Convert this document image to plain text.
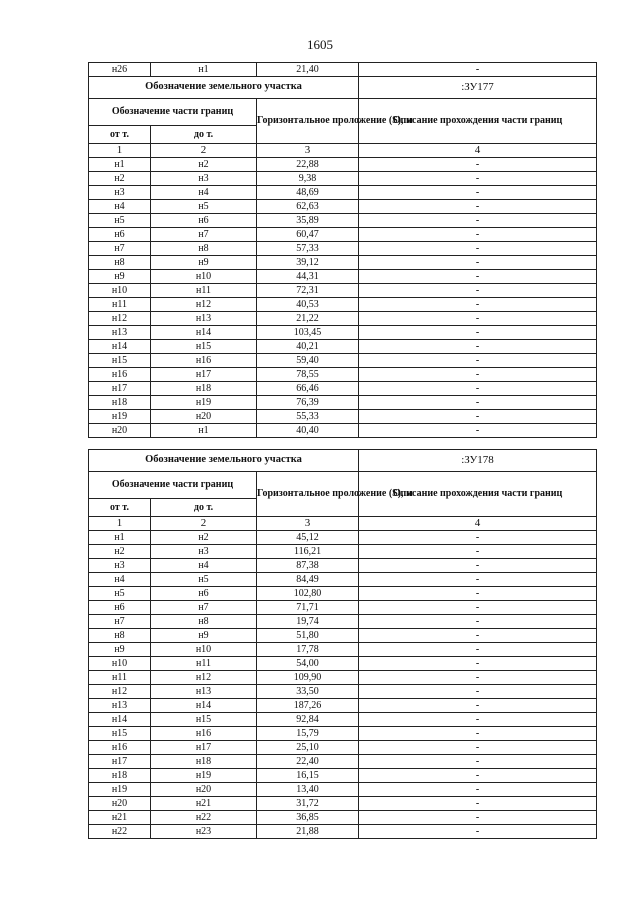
1605
н26	н1	21,40	-
Обозначение земельного участка			:ЗУ177
Обозначение части границ		Горизонтальное проложение (S), м	Описание прохождения части границ
от т.	до т.		
1	2	3	4
н1	н2	22,88	-
н2	н3	9,38	-
н3	н4	48,69	-
н4	н5	62,63	-
н5	н6	35,89	-
н6	н7	60,47	-
н7	н8	57,33	-
н8	н9	39,12	-
н9	н10	44,31	-
н10	н11	72,31	-
н11	н12	40,53	-
н12	н13	21,22	-
н13	н14	103,45	-
н14	н15	40,21	-
н15	н16	59,40	-
н16	н17	78,55	-
н17	н18	66,46	-
н18	н19	76,39	-
н19	н20	55,33	-
н20	н1	40,40	-
Обозначение земельного участка			:ЗУ178
Обозначение части границ		Горизонтальное проложение (S), м	Описание прохождения части границ
от т.	до т.		
1	2	3	4
н1	н2	45,12	-
н2	н3	116,21	-
н3	н4	87,38	-
н4	н5	84,49	-
н5	н6	102,80	-
н6	н7	71,71	-
н7	н8	19,74	-
н8	н9	51,80	-
н9	н10	17,78	-
н10	н11	54,00	-
н11	н12	109,90	-
н12	н13	33,50	-
н13	н14	187,26	-
н14	н15	92,84	-
н15	н16	15,79	-
н16	н17	25,10	-
н17	н18	22,40	-
н18	н19	16,15	-
н19	н20	13,40	-
н20	н21	31,72	-
н21	н22	36,85	-
н22	н23	21,88	-
